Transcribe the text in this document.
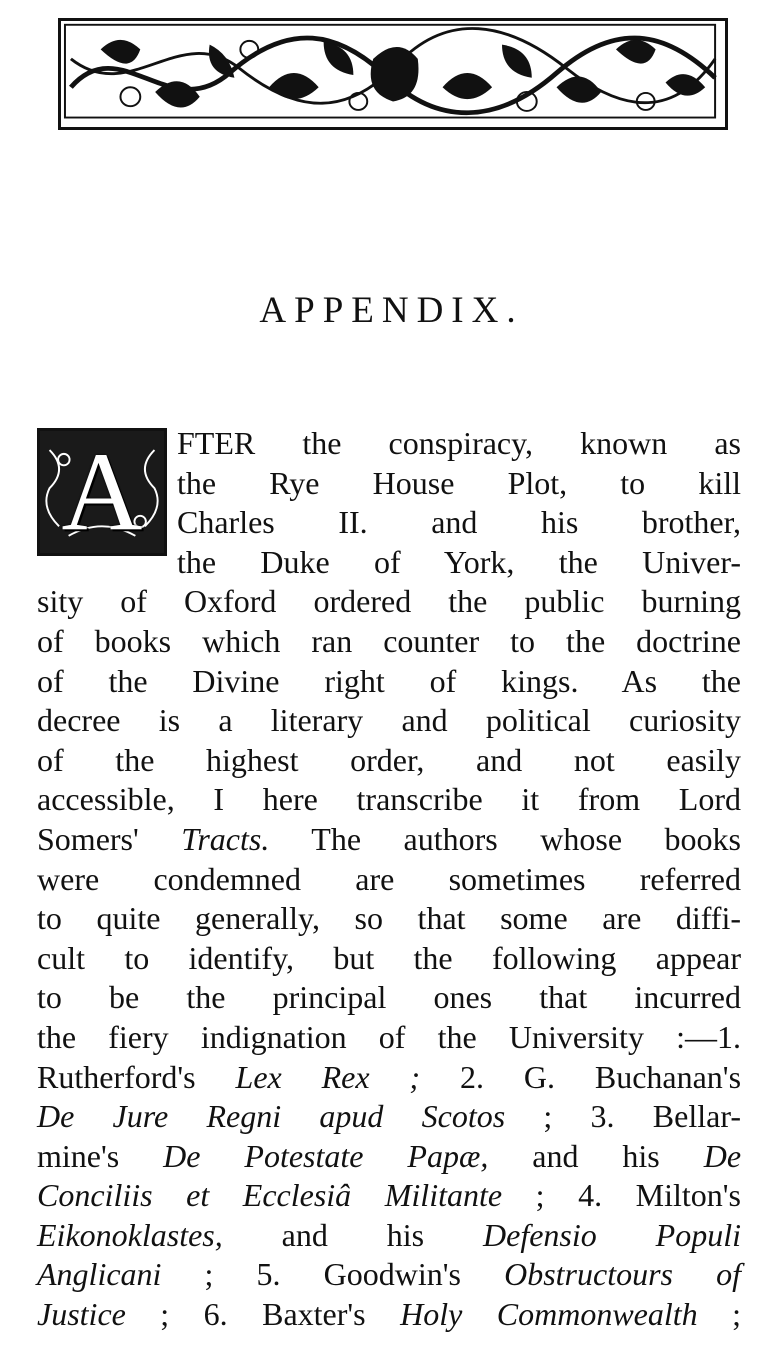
APPENDIX.
A	FTER the conspiracy, known as
the Rye House Plot, to kill
Charles II. and his brother,
the Duke of York, the Univer-
sity of Oxford ordered the public burning
of books which ran counter to the doctrine
of the Divine right of kings. As the
decree is a literary and political curiosity
of the highest order, and not easily
accessible, I here transcribe it from Lord
Somers' Tracts. The authors whose books
were condemned are sometimes referred
to quite generally, so that some are diffi-
cult to identify, but the following appear
to be the principal ones that incurred
the fiery indignation of the University :—1.
Rutherford's Lex Rex ; 2. G. Buchanan's
De Jure Regni apud Scotos ; 3. Bellar-
mine's De Potestate Papæ, and his De
Conciliis et Ecclesiâ Militante ; 4. Milton's
Eikonoklastes, and his Defensio Populi
Anglicani ; 5. Goodwin's Obstructours of
Justice ; 6. Baxter's Holy Commonwealth ;
